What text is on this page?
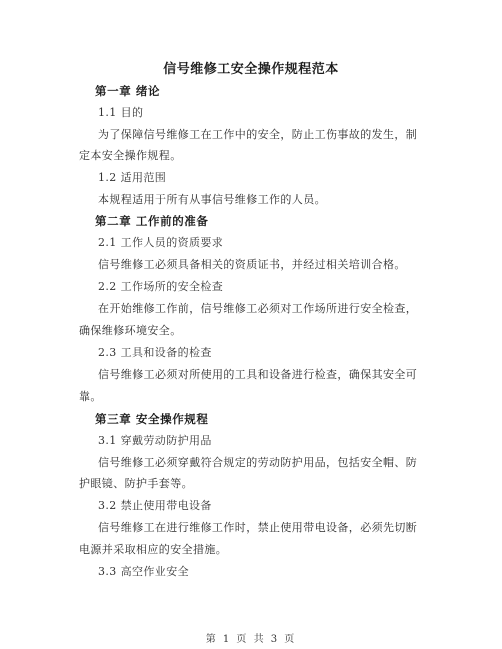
信号维修工安全操作规程范本
第一章 绪论
1.1 目的
为了保障信号维修工在工作中的安全，防止工伤事故的发生，制
定本安全操作规程。
1.2 适用范围
本规程适用于所有从事信号维修工作的人员。
第二章 工作前的准备
2.1 工作人员的资质要求
信号维修工必须具备相关的资质证书，并经过相关培训合格。
2.2 工作场所的安全检查
在开始维修工作前，信号维修工必须对工作场所进行安全检查，
确保维修环境安全。
2.3 工具和设备的检查
信号维修工必须对所使用的工具和设备进行检查，确保其安全可
靠。
第三章 安全操作规程
3.1 穿戴劳动防护用品
信号维修工必须穿戴符合规定的劳动防护用品，包括安全帽、防
护眼镜、防护手套等。
3.2 禁止使用带电设备
信号维修工在进行维修工作时，禁止使用带电设备，必须先切断
电源并采取相应的安全措施。
3.3 高空作业安全
第 1 页 共 3 页
